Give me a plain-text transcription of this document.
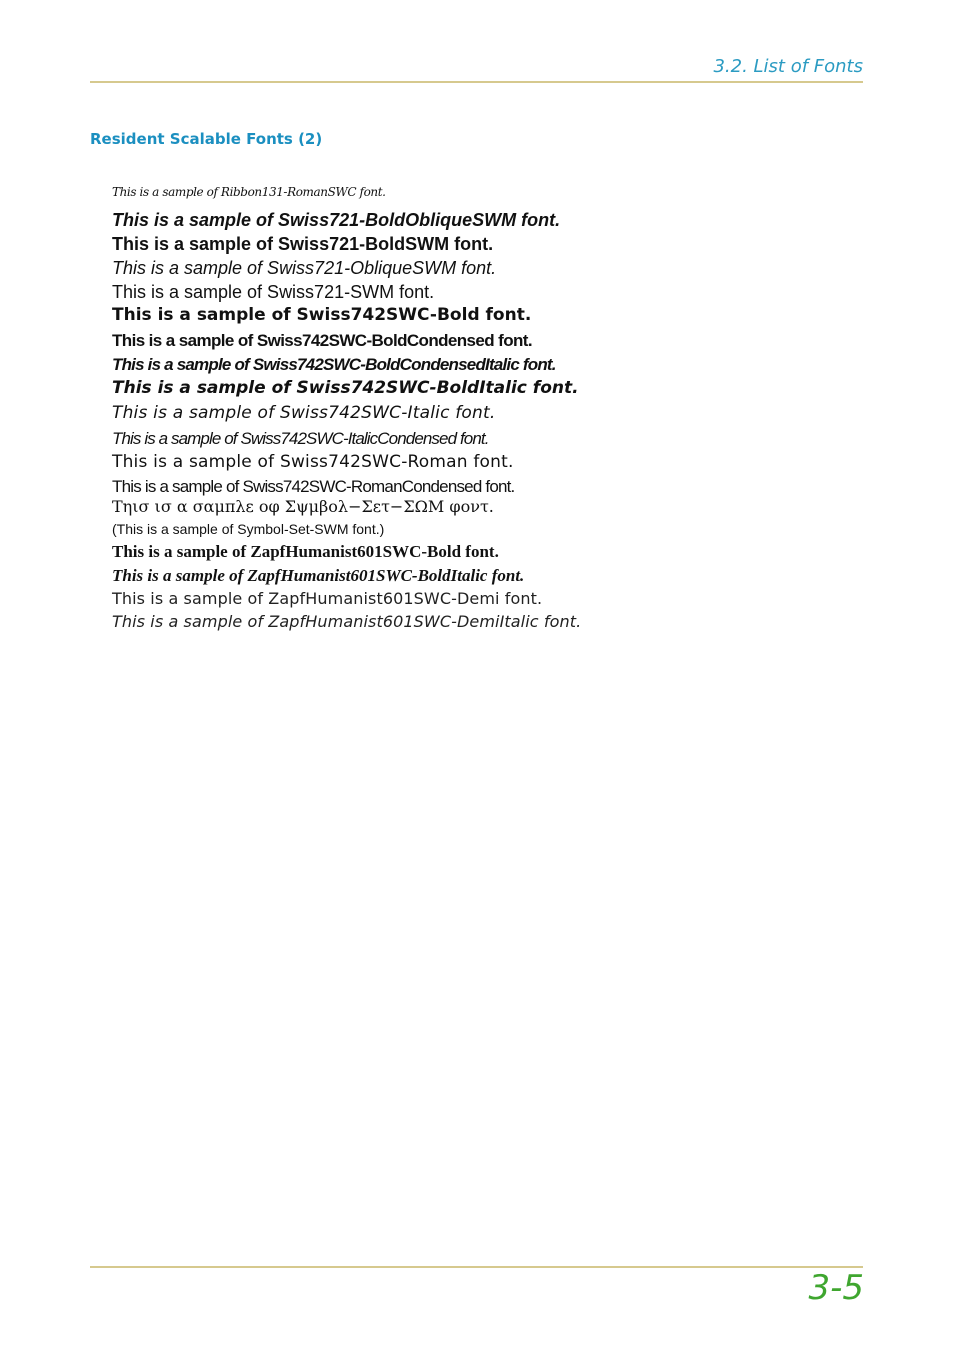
3.2. List of Fonts
Resident Scalable Fonts (2)
This is a sample of Ribbon131-RomanSWC font.
This is a sample of Swiss721-BoldObliqueSWM font.
This is a sample of Swiss721-BoldSWM font.
This is a sample of Swiss721-ObliqueSWM font.
This is a sample of Swiss721-SWM font.
This is a sample of Swiss742SWC-Bold font.
This is a sample of Swiss742SWC-BoldCondensed font.
This is a sample of Swiss742SWC-BoldCondensedItalic font.
This is a sample of Swiss742SWC-BoldItalic font.
This is a sample of Swiss742SWC-Italic font.
This is a sample of Swiss742SWC-ItalicCondensed font.
This is a sample of Swiss742SWC-Roman font.
This is a sample of Swiss742SWC-RomanCondensed font.
Τηισ ισ α σαμπλε οφ Σψμβολ−Σετ−ΣΩΜ φοντ.
(This is a sample of Symbol-Set-SWM font.)
This is a sample of ZapfHumanist601SWC-Bold font.
This is a sample of ZapfHumanist601SWC-BoldItalic font.
This is a sample of ZapfHumanist601SWC-Demi font.
This is a sample of ZapfHumanist601SWC-DemiItalic font.
3-5
